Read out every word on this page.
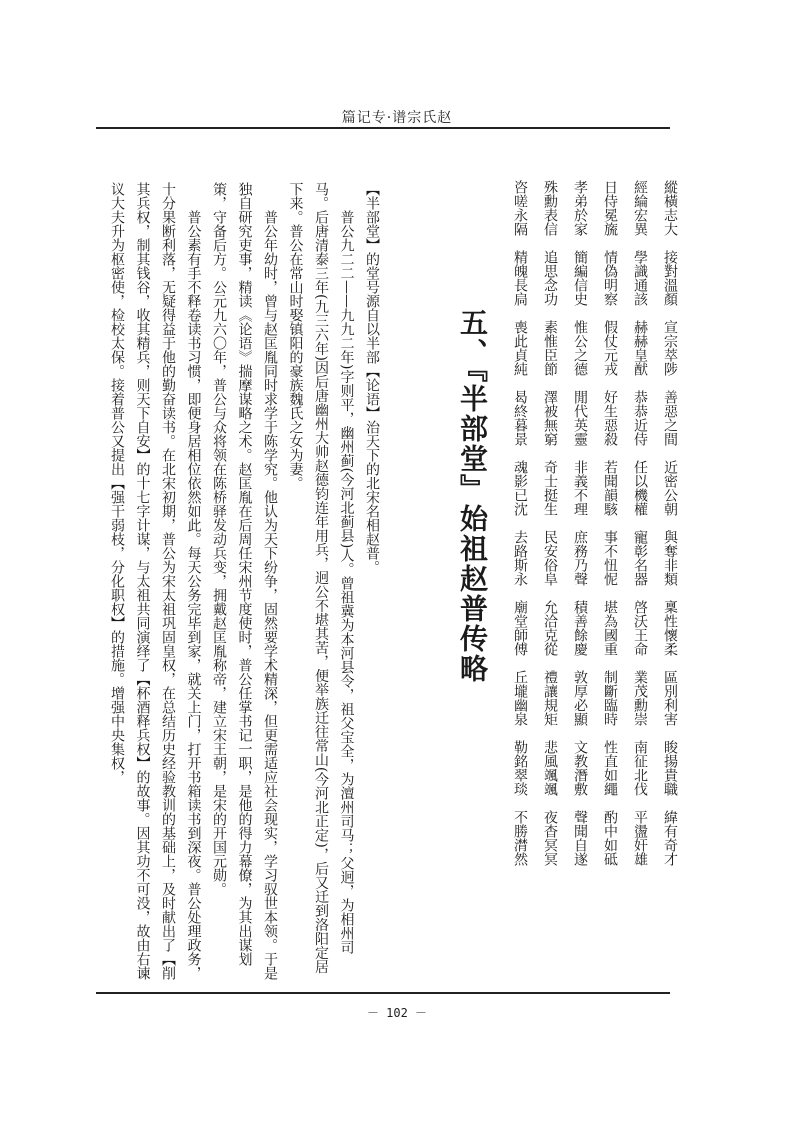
篇记专·谱宗氏赵
縱橫志大接對溫顏宣宗萃陟善惡之間近密公朝與奪非類稟性懷柔區別利害睃揚貴職緯有奇才
經綸宏異學識通該赫赫皇猷恭恭近侍任以機權寵彰名器啓沃王命業茂勳崇南征北伐平盪奸雄
日侍冕旒情偽明察假仗元戎好生惡殺若聞韻駭事不忸怩堪為國重制斷臨時性直如繩酌中如砥
孝弟於家簡編信史惟公之德閒代英靈非義不理庶務乃聲積善餘慶敦厚必顯文教潛敷聲聞自遂
殊勳表信追思念功素惟臣節澤被無窮奇士挺生民安俗阜允洽克從禮讓規矩悲風颯颯夜杳冥冥
咨嗟永隔精魄長扃喪此貞純曷終暮景魂影已沈去路斯永廟堂師傅丘壠幽泉勒銘翠琰不勝潸然
五、『半部堂』始祖赵普传略

【半部堂】的堂号源自以半部【论语】治天下的北宋名相赵普。

普公九二二——九九二年)字则平，幽州蓟(今河北蓟县)人。曾祖冀为本河县令，祖父宝全，为澶州司马；父迥，为相州司马。后唐清泰三年(九三六年)因后唐幽州大帅赵德钧连年用兵，迥公不堪其苦，便举族迁往常山(今河北正定)，后又迁到洛阳定居下来。普公在常山时娶镇阳的豪族魏氏之女为妻。

普公年幼时，曾与赵匡胤同时求学于陈学究。他认为天下纷争，固然要学术精深，但更需适应社会现实，学习驭世本领。于是独自研究吏事，精读《论语》揣摩谋略之术。赵匡胤在后周任宋州节度使时，普公任掌书记一职，是他的得力幕僚，为其出谋划策，守备后方。公元九六〇年，普公与众将领在陈桥驿发动兵变，拥戴赵匡胤称帝，建立宋王朝，是宋的开国元勋。

普公素有手不释卷读书习惯，即便身居相位依然如此。每天公务完毕到家，就关上门，打开书箱读书到深夜。普公处理政务，十分果断利落，无疑得益于他的勤奋读书。在北宋初期，普公为宋太祖巩固皇权，在总结历史经验教训的基础上，及时献出了【削其兵权，制其钱谷，收其精兵，则天下自安】的十七字计谋，与太祖共同演绎了【杯酒释兵权】的故事。因其功不可没，故由右谏议大夫升为枢密使，检校太保。接着普公又提出【强干弱枝，分化职权】的措施。增强中央集权，

－ 102 －
